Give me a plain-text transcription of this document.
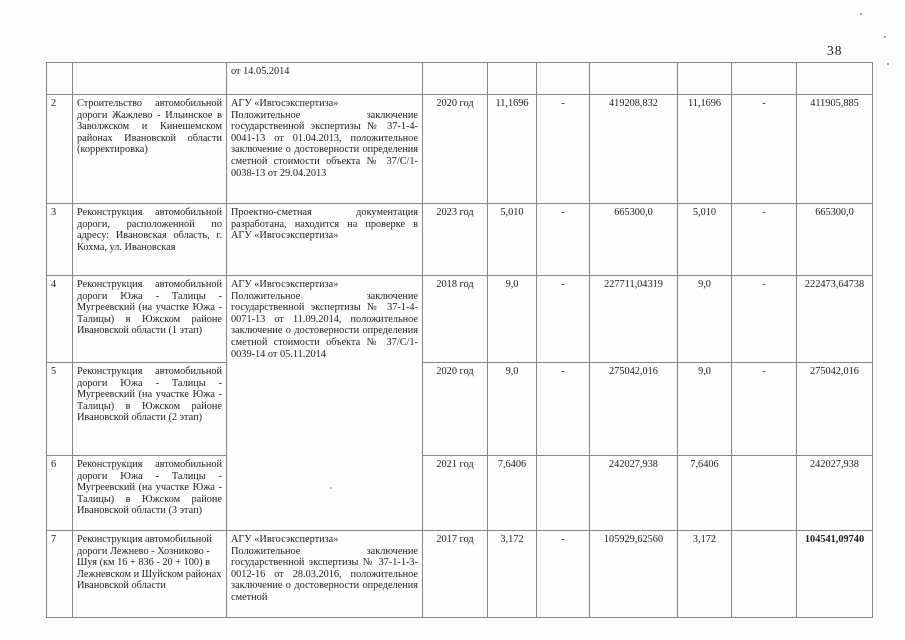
38

		от 14.05.2014							

2	Строительство автомобильной дороги Жажлево - Ильинское в Заволжском и Кинешемском районах Ивановской области (корректировка)	АГУ «Ивгосэкспертиза»
Положительное заключение государственной экспертизы № 37-1-4-0041-13 от 01.04.2013, положительное заключение о достоверности определения сметной стоимости объекта № 37/С/1-0038-13 от 29.04.2013	2020 год	11,1696	-	419208,832	11,1696	-	411905,885
3	Реконструкция автомобильной дороги, расположенной по адресу: Ивановская область, г. Кохма, ул. Ивановская	Проектно-сметная документация разработана, находится на проверке в АГУ «Ивгосэкспертиза»	2023 год	5,010	-	665300,0	5,010	-	665300,0
4	Реконструкция автомобильной дороги Южа - Талицы - Мугреевский (на участке Южа - Талицы) в Южском районе Ивановской области (1 этап)	АГУ «Ивгосэкспертиза»
Положительное заключение государственной экспертизы № 37-1-4-0071-13 от 11.09.2014, положительное заключение о достоверности определения сметной стоимости объекта № 37/С/1-0039-14 от 05.11.2014	2018 год	9,0	-	227711,04319	9,0	-	222473,64738
5	Реконструкция автомобильной дороги Южа - Талицы - Мугреевский (на участке Южа - Талицы) в Южском районе Ивановской области (2 этап)		2020 год	9,0	-	275042,016	9,0	-	275042,016
6	Реконструкция автомобильной дороги Южа - Талицы - Мугреевский (на участке Южа - Талицы) в Южском районе Ивановской области (3 этап)		2021 год	7,6406		242027,938	7,6406		242027,938
7	Реконструкция автомобильной дороги Лежнево - Хозниково - Шуя (км 16 + 836 - 20 + 100) в Лежневском и Шуйском районах Ивановской области	АГУ «Ивгосэкспертиза»
Положительное заключение государственной экспертизы № 37-1-1-3-0012-16 от 28.03.2016, положительное заключение о достоверности определения сметной	2017 год	3,172	-	105929,62560	3,172		104541,09740
